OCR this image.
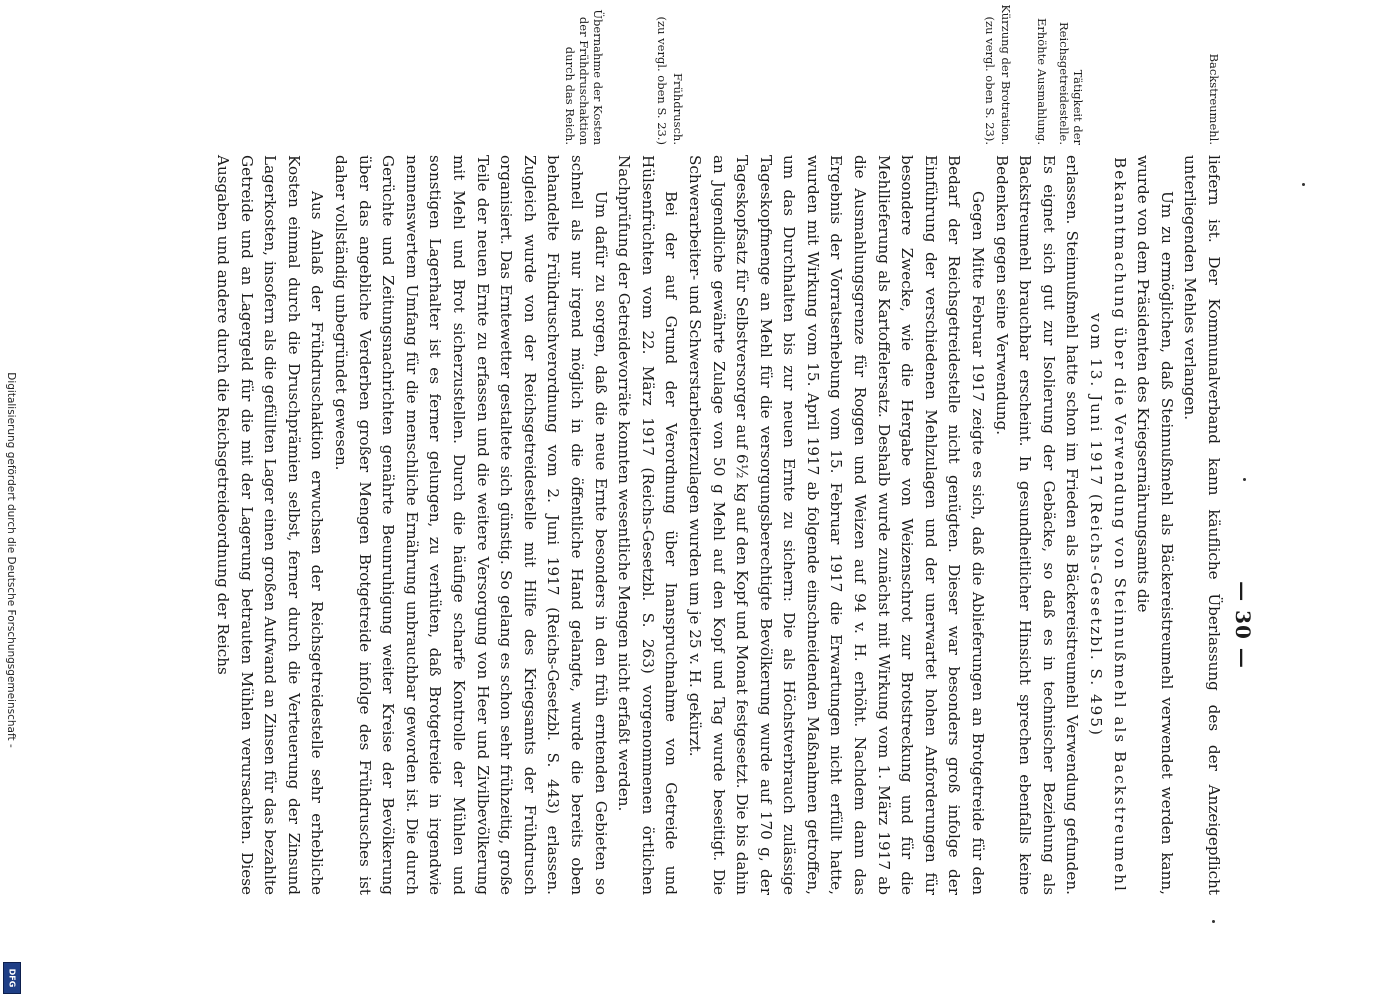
Digitalisierung gefördert durch die Deutsche Forschungsgemeinschaft -
DFG
— 30 —
Backstreumehl.
Tätigkeit der Reichsgetreidestelle.
Erhöhte Ausmahlung.
Kürzung der Brotration.
(zu vergl. oben S. 23).
Frühdrusch.
(zu vergl. oben S. 23.)
Übernahme der Kosten der Frühdruschaktion durch das Reich.

liefern ist. Der Kommunalverband kann käufliche Überlassung des der Anzeigepflicht unterliegenden Mehles verlangen.

Um zu ermöglichen, daß Steinnußmehl als Bäckereistreumehl verwendet werden kann, wurde von dem Präsidenten des Kriegsernährungsamts die

Bekanntmachung über die Verwendung von Steinnußmehl als Backstreumehl vom 13. Juni 1917 (Reichs-Gesetzbl. S. 495)

erlassen. Steinnußmehl hatte schon im Frieden als Bäckereistreumehl Verwendung gefunden. Es eignet sich gut zur Isolierung der Gebäcke, so daß es in technischer Beziehung als Backstreumehl brauchbar erscheint. In gesundheitlicher Hinsicht sprechen ebenfalls keine Bedenken gegen seine Verwendung.

Gegen Mitte Februar 1917 zeigte es sich, daß die Ablieferungen an Brotgetreide für den Bedarf der Reichsgetreidestelle nicht genügten. Dieser war besonders groß infolge der Einführung der verschiedenen Mehlzulagen und der unerwartet hohen Anforderungen für besondere Zwecke, wie die Hergabe von Weizenschrot zur Brotstreckung und für die Mehllieferung als Kartoffelersatz. Deshalb wurde zunächst mit Wirkung vom 1. März 1917 ab die Ausmahlungsgrenze für Roggen und Weizen auf 94 v. H. erhöht. Nachdem dann das Ergebnis der Vorratserhebung vom 15. Februar 1917 die Erwartungen nicht erfüllt hatte, wurden mit Wirkung vom 15. April 1917 ab folgende einschneidenden Maßnahmen getroffen, um das Durchhalten bis zur neuen Ernte zu sichern: Die als Höchstverbrauch zulässige Tageskopfmenge an Mehl für die versorgungsberechtigte Bevölkerung wurde auf 170 g, der Tageskopfsatz für Selbstversorger auf 6½ kg auf den Kopf und Monat festgesetzt. Die bis dahin an Jugendliche gewährte Zulage von 50 g Mehl auf den Kopf und Tag wurde beseitigt. Die Schwerarbeiter- und Schwerstarbeiterzulagen wurden um je 25 v. H. gekürzt.

Bei der auf Grund der Verordnung über Inanspruchnahme von Getreide und Hülsenfrüchten vom 22. März 1917 (Reichs-Gesetzbl. S. 263) vorgenommenen örtlichen Nachprüfung der Getreidevorräte konnten wesentliche Mengen nicht erfaßt werden.

Um dafür zu sorgen, daß die neue Ernte besonders in den früh erntenden Gebieten so schnell als nur irgend möglich in die öffentliche Hand gelangte, wurde die bereits oben behandelte Frühdruschverordnung vom 2. Juni 1917 (Reichs-Gesetzbl. S. 443) erlassen. Zugleich wurde von der Reichsgetreidestelle mit Hilfe des Kriegsamts der Frühdrusch organisiert. Das Erntewetter gestaltete sich günstig. So gelang es schon sehr frühzeitig, große Teile der neuen Ernte zu erfassen und die weitere Versorgung von Heer und Zivilbevölkerung mit Mehl und Brot sicherzustellen. Durch die häufige scharfe Kontrolle der Mühlen und sonstigen Lagerhalter ist es ferner gelungen, zu verhüten, daß Brotgetreide in irgendwie nennenswertem Umfang für die menschliche Ernährung unbrauchbar geworden ist. Die durch Gerüchte und Zeitungsnachrichten genährte Beunruhigung weiter Kreise der Bevölkerung über das angebliche Verderben großer Mengen Brotgetreide infolge des Frühdrusches ist daher vollständig unbegründet gewesen.

Aus Anlaß der Frühdruschaktion erwuchsen der Reichsgetreidestelle sehr erhebliche Kosten einmal durch die Druschprämien selbst, ferner durch die Verteuerung der Zinsund Lagerkosten, insofern als die gefüllten Lager einen großen Aufwand an Zinsen für das bezahlte Getreide und an Lagergeld für die mit der Lagerung betrauten Mühlen verursachten. Diese Ausgaben und andere durch die Reichsgetreideordnung der Reichs
